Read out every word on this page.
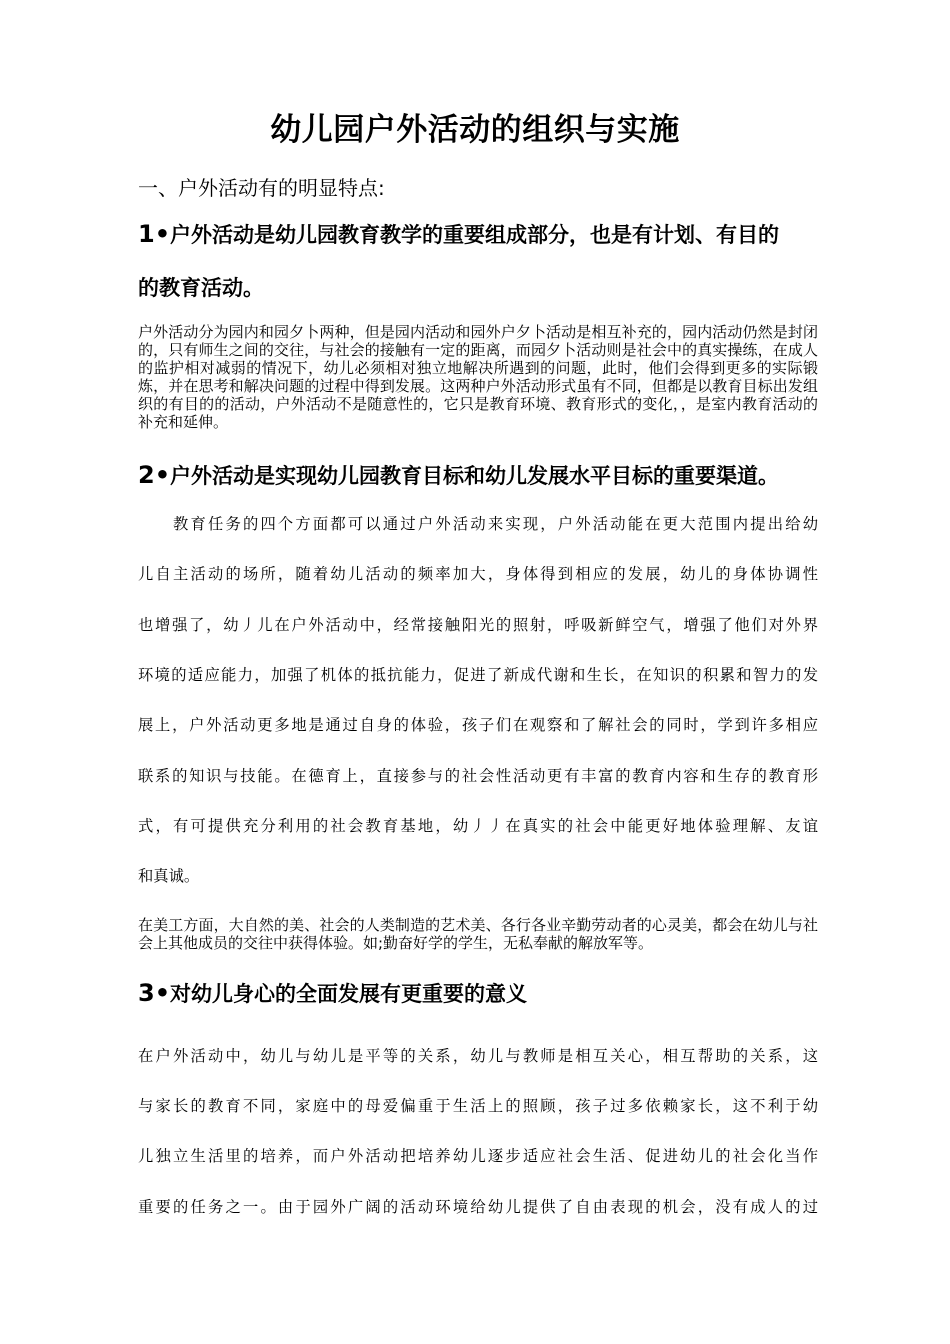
幼儿园户外活动的组织与实施
一、户外活动有的明显特点:
1•户外活动是幼儿园教育教学的重要组成部分，也是有计划、有目的
的教育活动。

户外活动分为园内和园夕卜两种，但是园内活动和园外户夕卜活动是相互补充的，园内活动仍然是封闭的，只有师生之间的交往，与社会的接触有一定的距离，而园夕卜活动则是社会中的真实操练，在成人的监护相对减弱的情况下，幼儿必须相对独立地解决所遇到的问题，此时，他们会得到更多的实际锻炼，并在思考和解决问题的过程中得到发展。这两种户外活动形式虽有不同，但都是以教育目标出发组织的有目的的活动，户外活动不是随意性的，它只是教育环境、教育形式的变化，，是室内教育活动的补充和延伸。

2•户外活动是实现幼儿园教育目标和幼儿发展水平目标的重要渠道。
　　教育任务的四个方面都可以通过户外活动来实现，户外活动能在更大范围内提出给幼
儿自主活动的场所，随着幼儿活动的频率加大，身体得到相应的发展，幼儿的身体协调性
也增强了，幼丿儿在户外活动中，经常接触阳光的照射，呼吸新鲜空气，增强了他们对外界
环境的适应能力，加强了机体的抵抗能力，促进了新成代谢和生长，在知识的积累和智力的发
展上，户外活动更多地是通过自身的体验，孩子们在观察和了解社会的同时，学到许多相应
联系的知识与技能。在德育上，直接参与的社会性活动更有丰富的教育内容和生存的教育形
式，有可提供充分利用的社会教育基地，幼丿丿在真实的社会中能更好地体验理解、友谊
和真诚。

在美工方面，大自然的美、社会的人类制造的艺术美、各行各业辛勤劳动者的心灵美，都会在幼儿与社会上其他成员的交往中获得体验。如;勤奋好学的学生，无私奉献的解放军等。

3•对幼儿身心的全面发展有更重要的意义
在户外活动中，幼儿与幼儿是平等的关系，幼儿与教师是相互关心，相互帮助的关系，这
与家长的教育不同，家庭中的母爱偏重于生活上的照顾，孩子过多依赖家长，这不利于幼
儿独立生活里的培养，而户外活动把培养幼儿逐步适应社会生活、促进幼儿的社会化当作
重要的任务之一。由于园外广阔的活动环境给幼儿提供了自由表现的机会，没有成人的过
